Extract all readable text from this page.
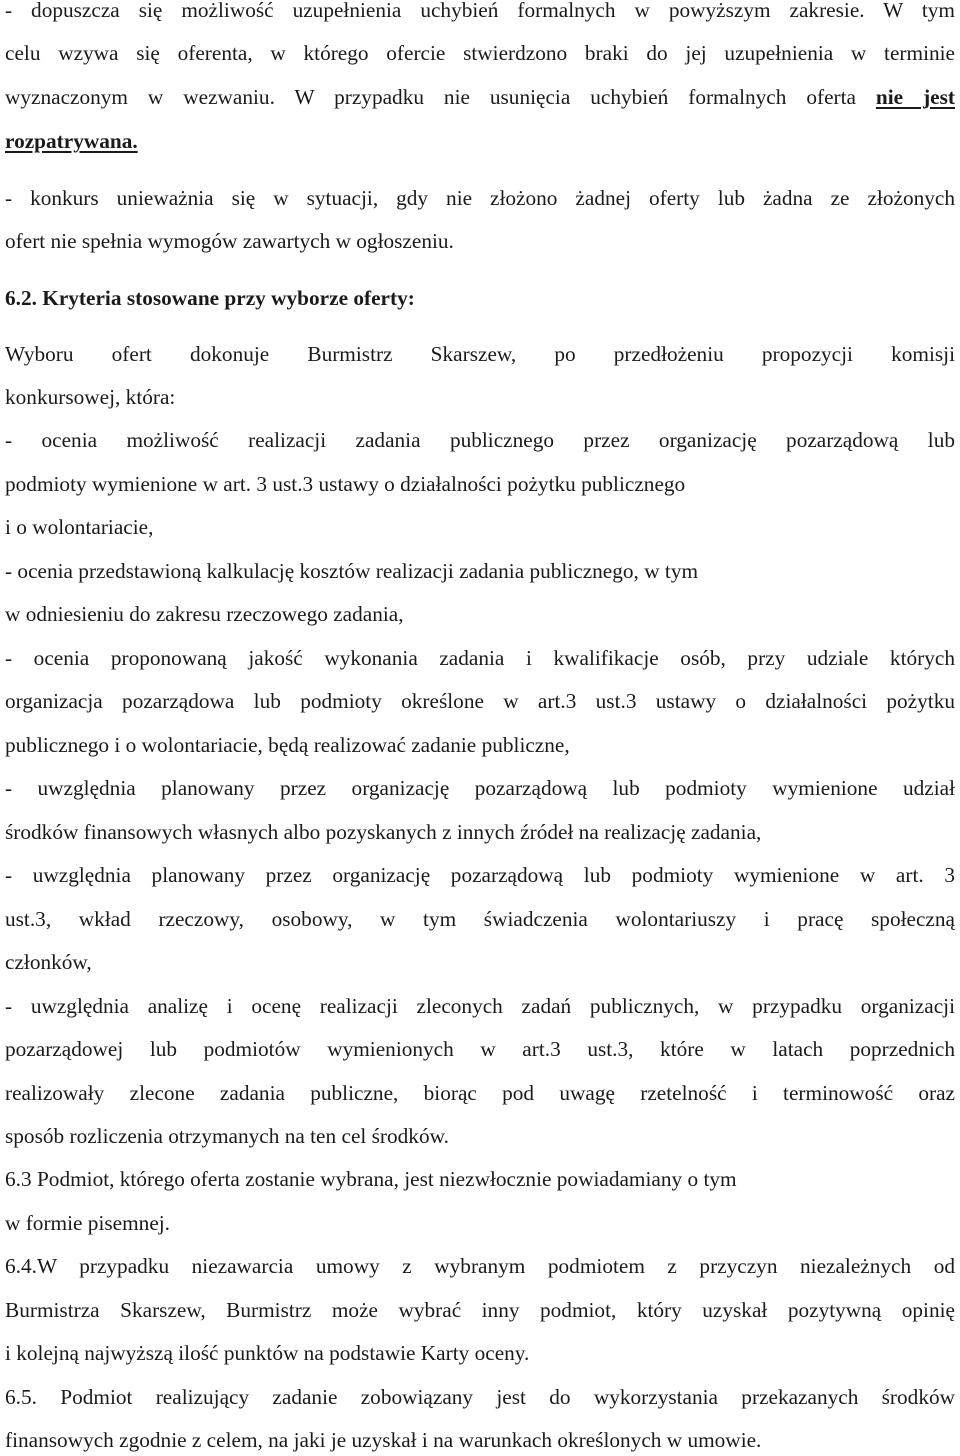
- dopuszcza się możliwość uzupełnienia uchybień formalnych w powyższym zakresie. W tym
celu wzywa się oferenta, w którego ofercie stwierdzono braki do jej uzupełnienia w terminie
wyznaczonym w wezwaniu. W przypadku nie usunięcia uchybień formalnych oferta nie jest
rozpatrywana.
- konkurs unieważnia się w sytuacji, gdy nie złożono żadnej oferty lub żadna ze złożonych
ofert nie spełnia wymogów zawartych w ogłoszeniu.
6.2. Kryteria stosowane przy wyborze oferty:
Wyboru ofert dokonuje Burmistrz Skarszew, po przedłożeniu propozycji komisji
konkursowej, która:
- ocenia możliwość realizacji zadania publicznego przez organizację pozarządową lub
podmioty wymienione w art. 3 ust.3 ustawy o działalności pożytku publicznego
i o wolontariacie,
- ocenia przedstawioną kalkulację kosztów realizacji zadania publicznego, w tym
w odniesieniu do zakresu rzeczowego zadania,
- ocenia proponowaną jakość wykonania zadania i kwalifikacje osób, przy udziale których
organizacja pozarządowa lub podmioty określone w art.3 ust.3 ustawy o działalności pożytku
publicznego i o wolontariacie, będą realizować zadanie publiczne,
- uwzględnia planowany przez organizację pozarządową lub podmioty wymienione udział
środków finansowych własnych albo pozyskanych z innych źródeł na realizację zadania,
- uwzględnia planowany przez organizację pozarządową lub podmioty wymienione w art. 3
ust.3, wkład rzeczowy, osobowy, w tym świadczenia wolontariuszy i pracę społeczną
członków,
- uwzględnia analizę i ocenę realizacji zleconych zadań publicznych, w przypadku organizacji
pozarządowej lub podmiotów wymienionych w art.3 ust.3, które w latach poprzednich
realizowały zlecone zadania publiczne, biorąc pod uwagę rzetelność i terminowość oraz
sposób rozliczenia otrzymanych na ten cel środków.
6.3 Podmiot, którego oferta zostanie wybrana, jest niezwłocznie powiadamiany o tym
w formie pisemnej.
6.4.W przypadku niezawarcia umowy z wybranym podmiotem z przyczyn niezależnych od
Burmistrza Skarszew, Burmistrz może wybrać inny podmiot, który uzyskał pozytywną opinię
i kolejną najwyższą ilość punktów na podstawie Karty oceny.
6.5. Podmiot realizujący zadanie zobowiązany jest do wykorzystania przekazanych środków
finansowych zgodnie z celem, na jaki je uzyskał i na warunkach określonych w umowie.
